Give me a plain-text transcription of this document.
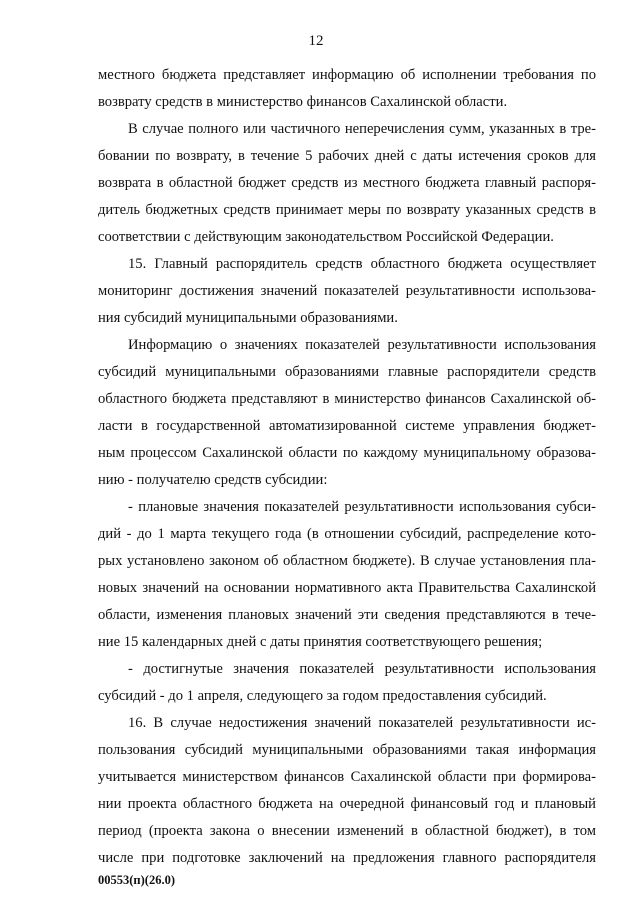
12
местного бюджета представляет информацию об исполнении требования по
возврату средств в министерство финансов Сахалинской области.
В случае полного или частичного неперечисления сумм, указанных в тре-
бовании по возврату, в течение 5 рабочих дней с даты истечения сроков для
возврата в областной бюджет средств из местного бюджета главный распоря-
дитель бюджетных средств принимает меры по возврату указанных средств в
соответствии с действующим законодательством Российской Федерации.
15. Главный распорядитель средств областного бюджета осуществляет
мониторинг достижения значений показателей результативности использова-
ния субсидий муниципальными образованиями.
Информацию о значениях показателей результативности использования
субсидий муниципальными образованиями главные распорядители средств
областного бюджета представляют в министерство финансов Сахалинской об-
ласти в государственной автоматизированной системе управления бюджет-
ным процессом Сахалинской области по каждому муниципальному образова-
нию - получателю средств субсидии:
- плановые значения показателей результативности использования субси-
дий - до 1 марта текущего года (в отношении субсидий, распределение кото-
рых установлено законом об областном бюджете). В случае установления пла-
новых значений на основании нормативного акта Правительства Сахалинской
области, изменения плановых значений эти сведения представляются в тече-
ние 15 календарных дней с даты принятия соответствующего решения;
- достигнутые значения показателей результативности использования
субсидий - до 1 апреля, следующего за годом предоставления субсидий.
16. В случае недостижения значений показателей результативности ис-
пользования субсидий муниципальными образованиями такая информация
учитывается министерством финансов Сахалинской области при формирова-
нии проекта областного бюджета на очередной финансовый год и плановый
период (проекта закона о внесении изменений в областной бюджет), в том
числе при подготовке заключений на предложения главного распорядителя
00553(п)(26.0)
